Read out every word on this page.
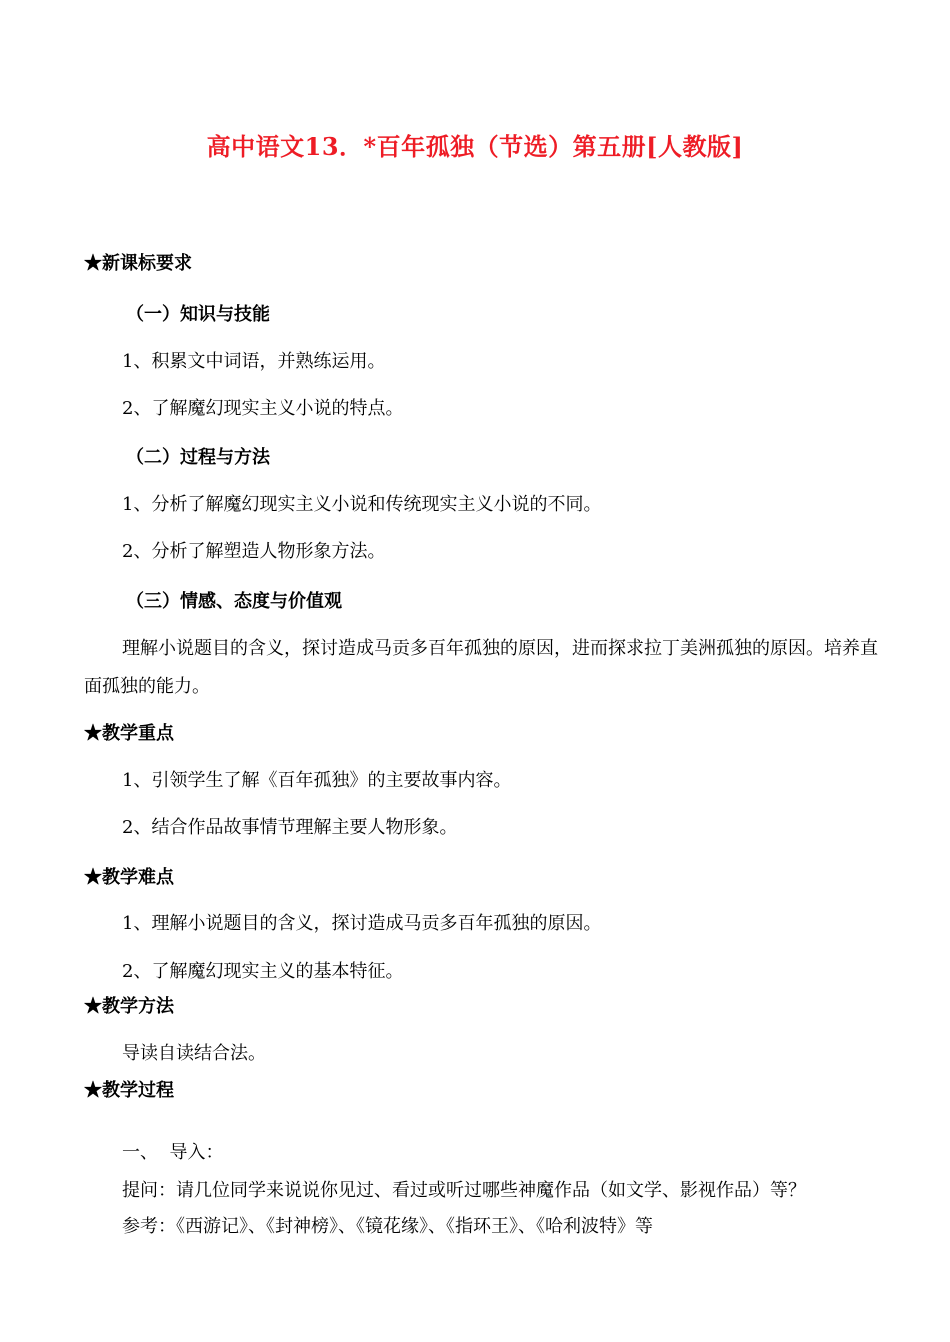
高中语文13．*百年孤独（节选）第五册[人教版]
★新课标要求
（一）知识与技能
1、积累文中词语，并熟练运用。
2、了解魔幻现实主义小说的特点。
（二）过程与方法
1、分析了解魔幻现实主义小说和传统现实主义小说的不同。
2、分析了解塑造人物形象方法。
（三）情感、态度与价值观
理解小说题目的含义，探讨造成马贡多百年孤独的原因，进而探求拉丁美洲孤独的原因。培养直面孤独的能力。
★教学重点
1、引领学生了解《百年孤独》的主要故事内容。
2、结合作品故事情节理解主要人物形象。
★教学难点
1、理解小说题目的含义，探讨造成马贡多百年孤独的原因。
2、了解魔幻现实主义的基本特征。
★教学方法
导读自读结合法。
★教学过程
一、  导入：
提问：请几位同学来说说你见过、看过或听过哪些神魔作品（如文学、影视作品）等？
参考：《西游记》、《封神榜》、《镜花缘》、《指环王》、《哈利波特》等
